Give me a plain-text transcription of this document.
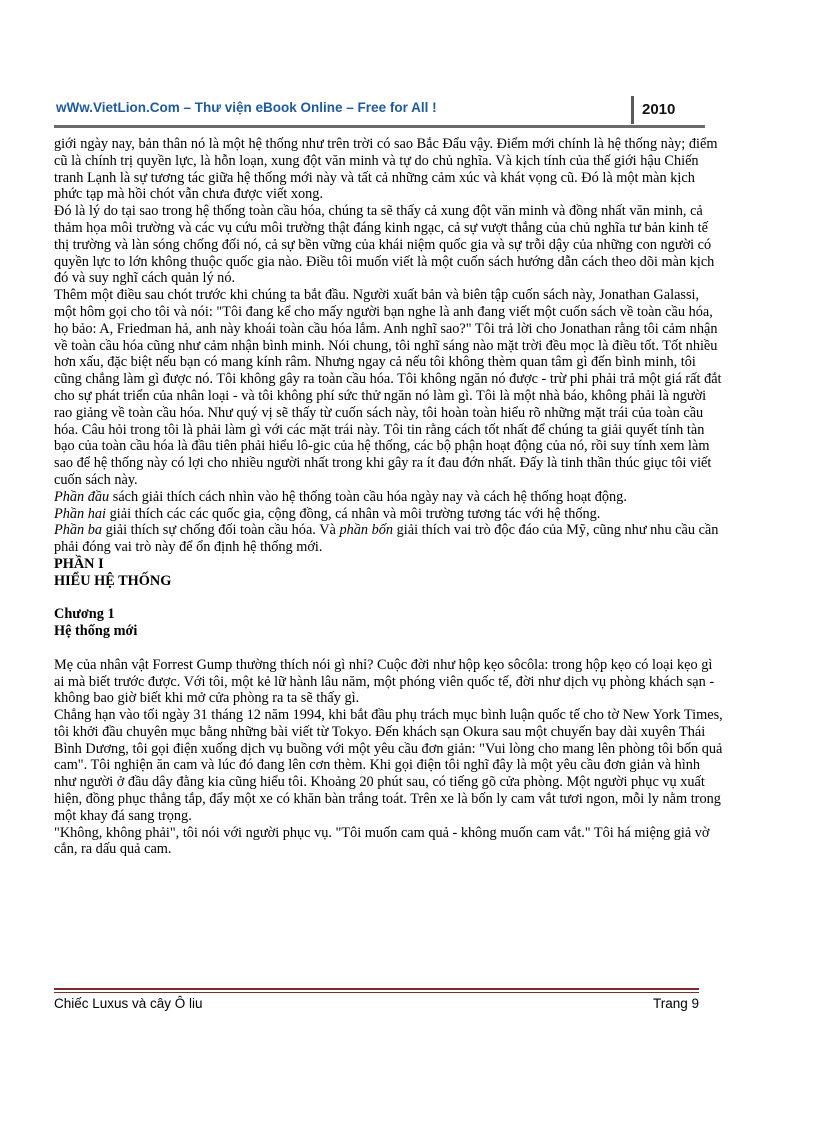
wWw.VietLion.Com – Thư viện eBook Online – Free for All !	2010

giới ngày nay, bản thân nó là một hệ thống như trên trời có sao Bắc Đẩu vậy. Điểm mới chính là hệ thống này; điểm cũ là chính trị quyền lực, là hỗn loạn, xung đột văn minh và tự do chủ nghĩa. Và kịch tính của thế giới hậu Chiến tranh Lạnh là sự tương tác giữa hệ thống mới này và tất cả những cảm xúc và khát vọng cũ. Đó là một màn kịch phức tạp mà hồi chót vẫn chưa được viết xong.

Đó là lý do tại sao trong hệ thống toàn cầu hóa, chúng ta sẽ thấy cả xung đột văn minh và đồng nhất văn minh, cả thảm họa môi trường và các vụ cứu môi trường thật đáng kinh ngạc, cả sự vượt thắng của chủ nghĩa tư bản kinh tế thị trường và làn sóng chống đối nó, cả sự bền vững của khái niệm quốc gia và sự trỗi dậy của những con người có quyền lực to lớn không thuộc quốc gia nào. Điều tôi muốn viết là một cuốn sách hướng dẫn cách theo dõi màn kịch đó và suy nghĩ cách quản lý nó.

Thêm một điều sau chót trước khi chúng ta bắt đầu. Người xuất bản và biên tập cuốn sách này, Jonathan Galassi, một hôm gọi cho tôi và nói: "Tôi đang kể cho mấy người bạn nghe là anh đang viết một cuốn sách về toàn cầu hóa, họ bảo: A, Friedman hả, anh này khoái toàn cầu hóa lắm. Anh nghĩ sao?" Tôi trả lời cho Jonathan rằng tôi cảm nhận về toàn cầu hóa cũng như cảm nhận bình minh. Nói chung, tôi nghĩ sáng nào mặt trời đều mọc là điều tốt. Tốt nhiều hơn xấu, đặc biệt nếu bạn có mang kính râm. Nhưng ngay cả nếu tôi không thèm quan tâm gì đến bình minh, tôi cũng chẳng làm gì được nó. Tôi không gây ra toàn cầu hóa. Tôi không ngăn nó được - trừ phi phải trả một giá rất đắt cho sự phát triển của nhân loại - và tôi không phí sức thử ngăn nó làm gì. Tôi là một nhà báo, không phải là người rao giảng về toàn cầu hóa. Như quý vị sẽ thấy từ cuốn sách này, tôi hoàn toàn hiểu rõ những mặt trái của toàn cầu hóa. Câu hỏi trong tôi là phải làm gì với các mặt trái này. Tôi tin rằng cách tốt nhất để chúng ta giải quyết tính tàn bạo của toàn cầu hóa là đầu tiên phải hiểu lô-gic của hệ thống, các bộ phận hoạt động của nó, rồi suy tính xem làm sao để hệ thống này có lợi cho nhiều người nhất trong khi gây ra ít đau đớn nhất. Đấy là tinh thần thúc giục tôi viết cuốn sách này.

Phần đầu sách giải thích cách nhìn vào hệ thống toàn cầu hóa ngày nay và cách hệ thống hoạt động.

Phần hai giải thích các các quốc gia, cộng đồng, cá nhân và môi trường tương tác với hệ thống.

Phần ba giải thích sự chống đối toàn cầu hóa. Và phần bốn giải thích vai trò độc đáo của Mỹ, cũng như nhu cầu cần phải đóng vai trò này để ổn định hệ thống mới.

PHẦN I

HIỂU HỆ THỐNG

Chương 1

Hệ thống mới

Mẹ của nhân vật Forrest Gump thường thích nói gì nhỉ? Cuộc đời như hộp kẹo sôcôla: trong hộp kẹo có loại kẹo gì ai mà biết trước được. Với tôi, một kẻ lữ hành lâu năm, một phóng viên quốc tế, đời như dịch vụ phòng khách sạn - không bao giờ biết khi mở cửa phòng ra ta sẽ thấy gì.

Chẳng hạn vào tối ngày 31 tháng 12 năm 1994, khi bắt đầu phụ trách mục bình luận quốc tế cho tờ New York Times, tôi khởi đầu chuyên mục bằng những bài viết từ Tokyo. Đến khách sạn Okura sau một chuyến bay dài xuyên Thái Bình Dương, tôi gọi điện xuống dịch vụ buồng với một yêu cầu đơn giản: "Vui lòng cho mang lên phòng tôi bốn quả cam". Tôi nghiện ăn cam và lúc đó đang lên cơn thèm. Khi gọi điện tôi nghĩ đây là một yêu cầu đơn giản và hình như người ở đầu dây đằng kia cũng hiểu tôi. Khoảng 20 phút sau, có tiếng gõ cửa phòng. Một người phục vụ xuất hiện, đồng phục thẳng tắp, đẩy một xe có khăn bàn trắng toát. Trên xe là bốn ly cam vắt tươi ngon, mỗi ly nằm trong một khay đá sang trọng.

"Không, không phải", tôi nói với người phục vụ. "Tôi muốn cam quả - không muốn cam vắt." Tôi há miệng giả vờ cắn, ra dấu quả cam.

Chiếc Luxus và cây Ô liu	Trang 9
